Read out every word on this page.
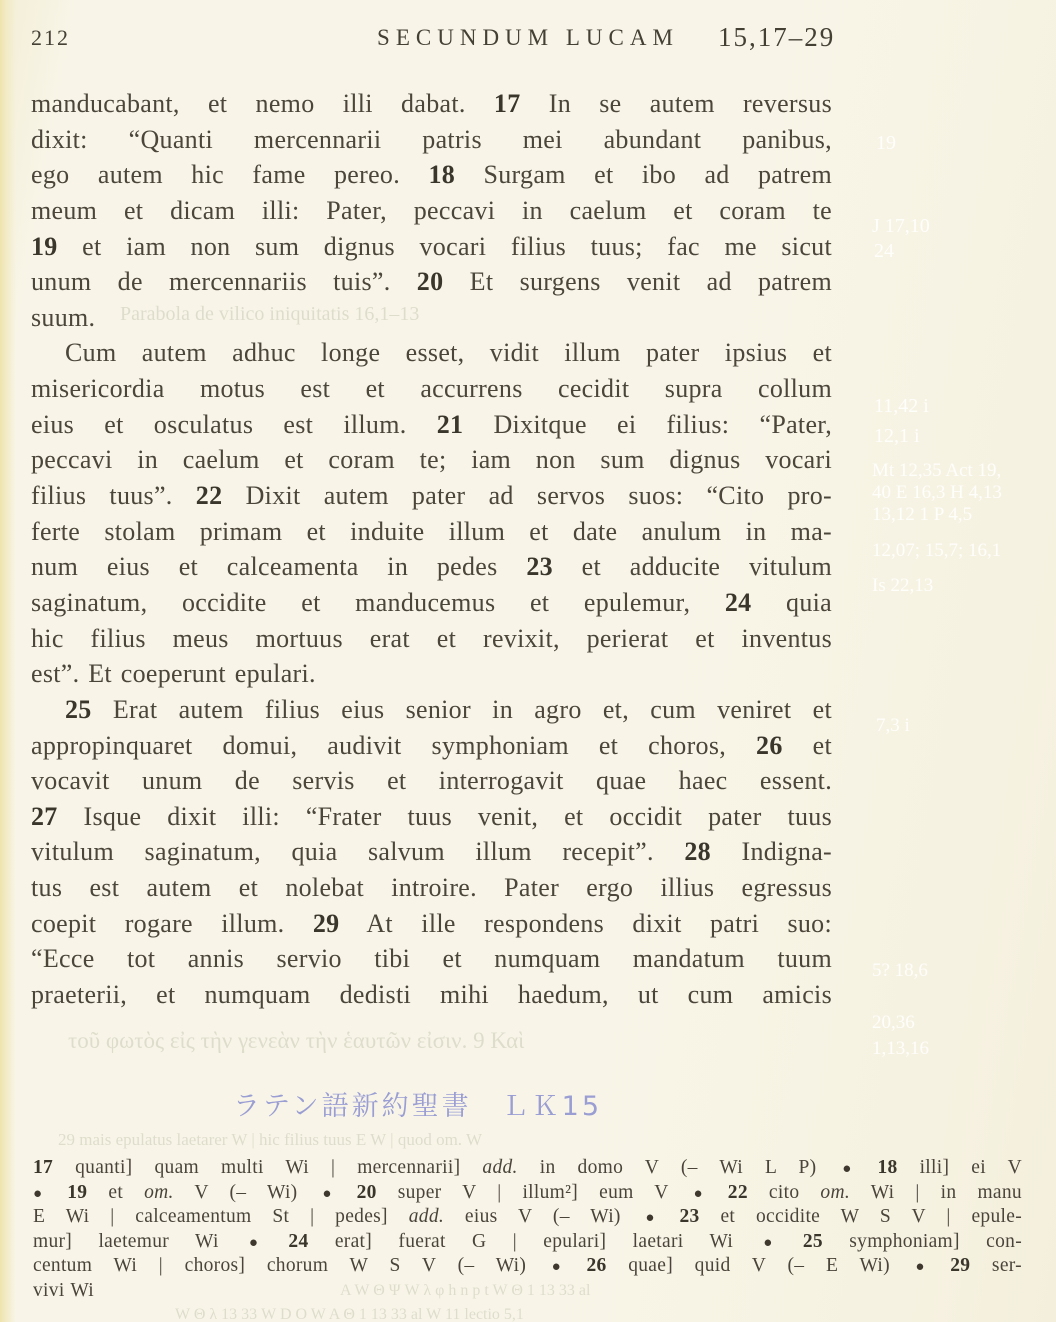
Parabola de vilico iniquitatis 16,1–13
τοῦ φωτὸς εἰς τὴν γενεὰν τὴν ἑαυτῶν εἰσιν. 9 Καὶ
29 mais epulatus laetarer W | hic filius tuus E W | quod om. W
A W Θ Ψ W λ φ h n p t W Θ 1 13 33 al
W Θ λ 13 33 W D O W A Θ 1 13 33 al W 11 lectio 5,1
19
J 17,10
24
11,42 i
12,1 i
Mt 12,35 Act 19,
40 E 16,3 H 4,13
13,12 1 P 4,5
12,07; 15,7; 16,1
Is 22,13
7,3 i
5? 18,6
20,36
1,13,16
212	SECUNDUM LUCAM	15,17–29
manducabant, et nemo illi dabat. 17 In se autem reversus
dixit: “Quanti mercennarii patris mei abundant panibus,
ego autem hic fame pereo. 18 Surgam et ibo ad patrem
meum et dicam illi: Pater, peccavi in caelum et coram te
19 et iam non sum dignus vocari filius tuus; fac me sicut
unum de mercennariis tuis”. 20 Et surgens venit ad patrem
suum.
Cum autem adhuc longe esset, vidit illum pater ipsius et
misericordia motus est et accurrens cecidit supra collum
eius et osculatus est illum. 21 Dixitque ei filius: “Pater,
peccavi in caelum et coram te; iam non sum dignus vocari
filius tuus”. 22 Dixit autem pater ad servos suos: “Cito pro-
ferte stolam primam et induite illum et date anulum in ma-
num eius et calceamenta in pedes 23 et adducite vitulum
saginatum, occidite et manducemus et epulemur, 24 quia
hic filius meus mortuus erat et revixit, perierat et inventus
est”. Et coeperunt epulari.
25 Erat autem filius eius senior in agro et, cum veniret et
appropinquaret domui, audivit symphoniam et choros, 26 et
vocavit unum de servis et interrogavit quae haec essent.
27 Isque dixit illi: “Frater tuus venit, et occidit pater tuus
vitulum saginatum, quia salvum illum recepit”. 28 Indigna-
tus est autem et nolebat introire. Pater ergo illius egressus
coepit rogare illum. 29 At ille respondens dixit patri suo:
“Ecce tot annis servio tibi et numquam mandatum tuum
praeterii, et numquam dedisti mihi haedum, ut cum amicis
ラテン語新約聖書　ＬＫ15
17 quanti] quam multi Wi | mercennarii] add. in domo V (– Wi L P) ● 18 illi] ei V
● 19 et om. V (– Wi) ● 20 super V | illum²] eum V ● 22 cito om. Wi | in manu
E Wi | calceamentum St | pedes] add. eius V (– Wi) ● 23 et occidite W S V | epule-
mur] laetemur Wi ● 24 erat] fuerat G | epulari] laetari Wi ● 25 symphoniam] con-
centum Wi | choros] chorum W S V (– Wi) ● 26 quae] quid V (– E Wi) ● 29 ser-
vivi Wi
